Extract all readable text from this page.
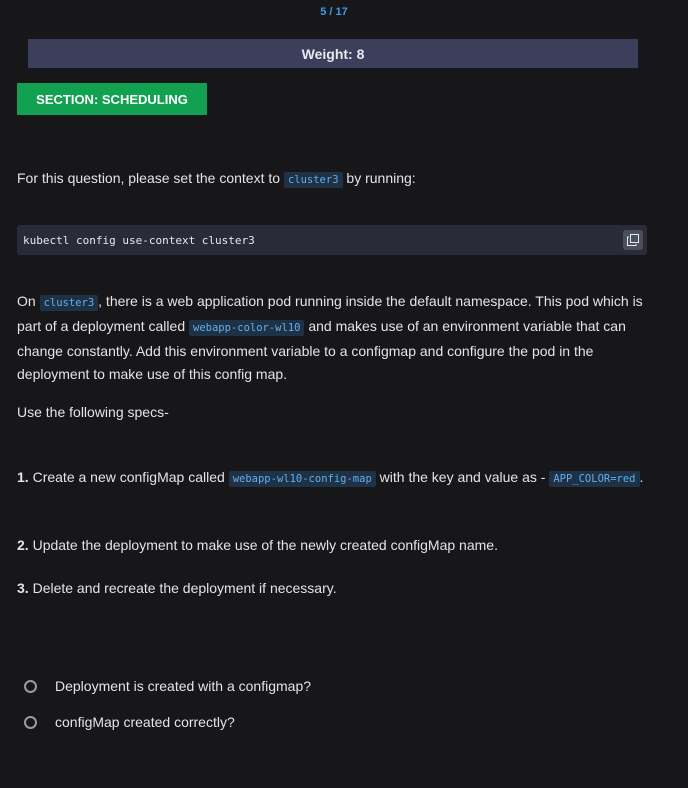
5 / 17
Weight: 8
SECTION: SCHEDULING
For this question, please set the context to cluster3 by running:
kubectl config use-context cluster3
On cluster3 , there is a web application pod running inside the default namespace. This pod which is part of a deployment called webapp-color-wl10 and makes use of an environment variable that can change constantly. Add this environment variable to a configmap and configure the pod in the deployment to make use of this config map.
Use the following specs-
1. Create a new configMap called webapp-wl10-config-map with the key and value as - APP_COLOR=red .
2. Update the deployment to make use of the newly created configMap name.
3. Delete and recreate the deployment if necessary.
Deployment is created with a configmap?
configMap created correctly?
